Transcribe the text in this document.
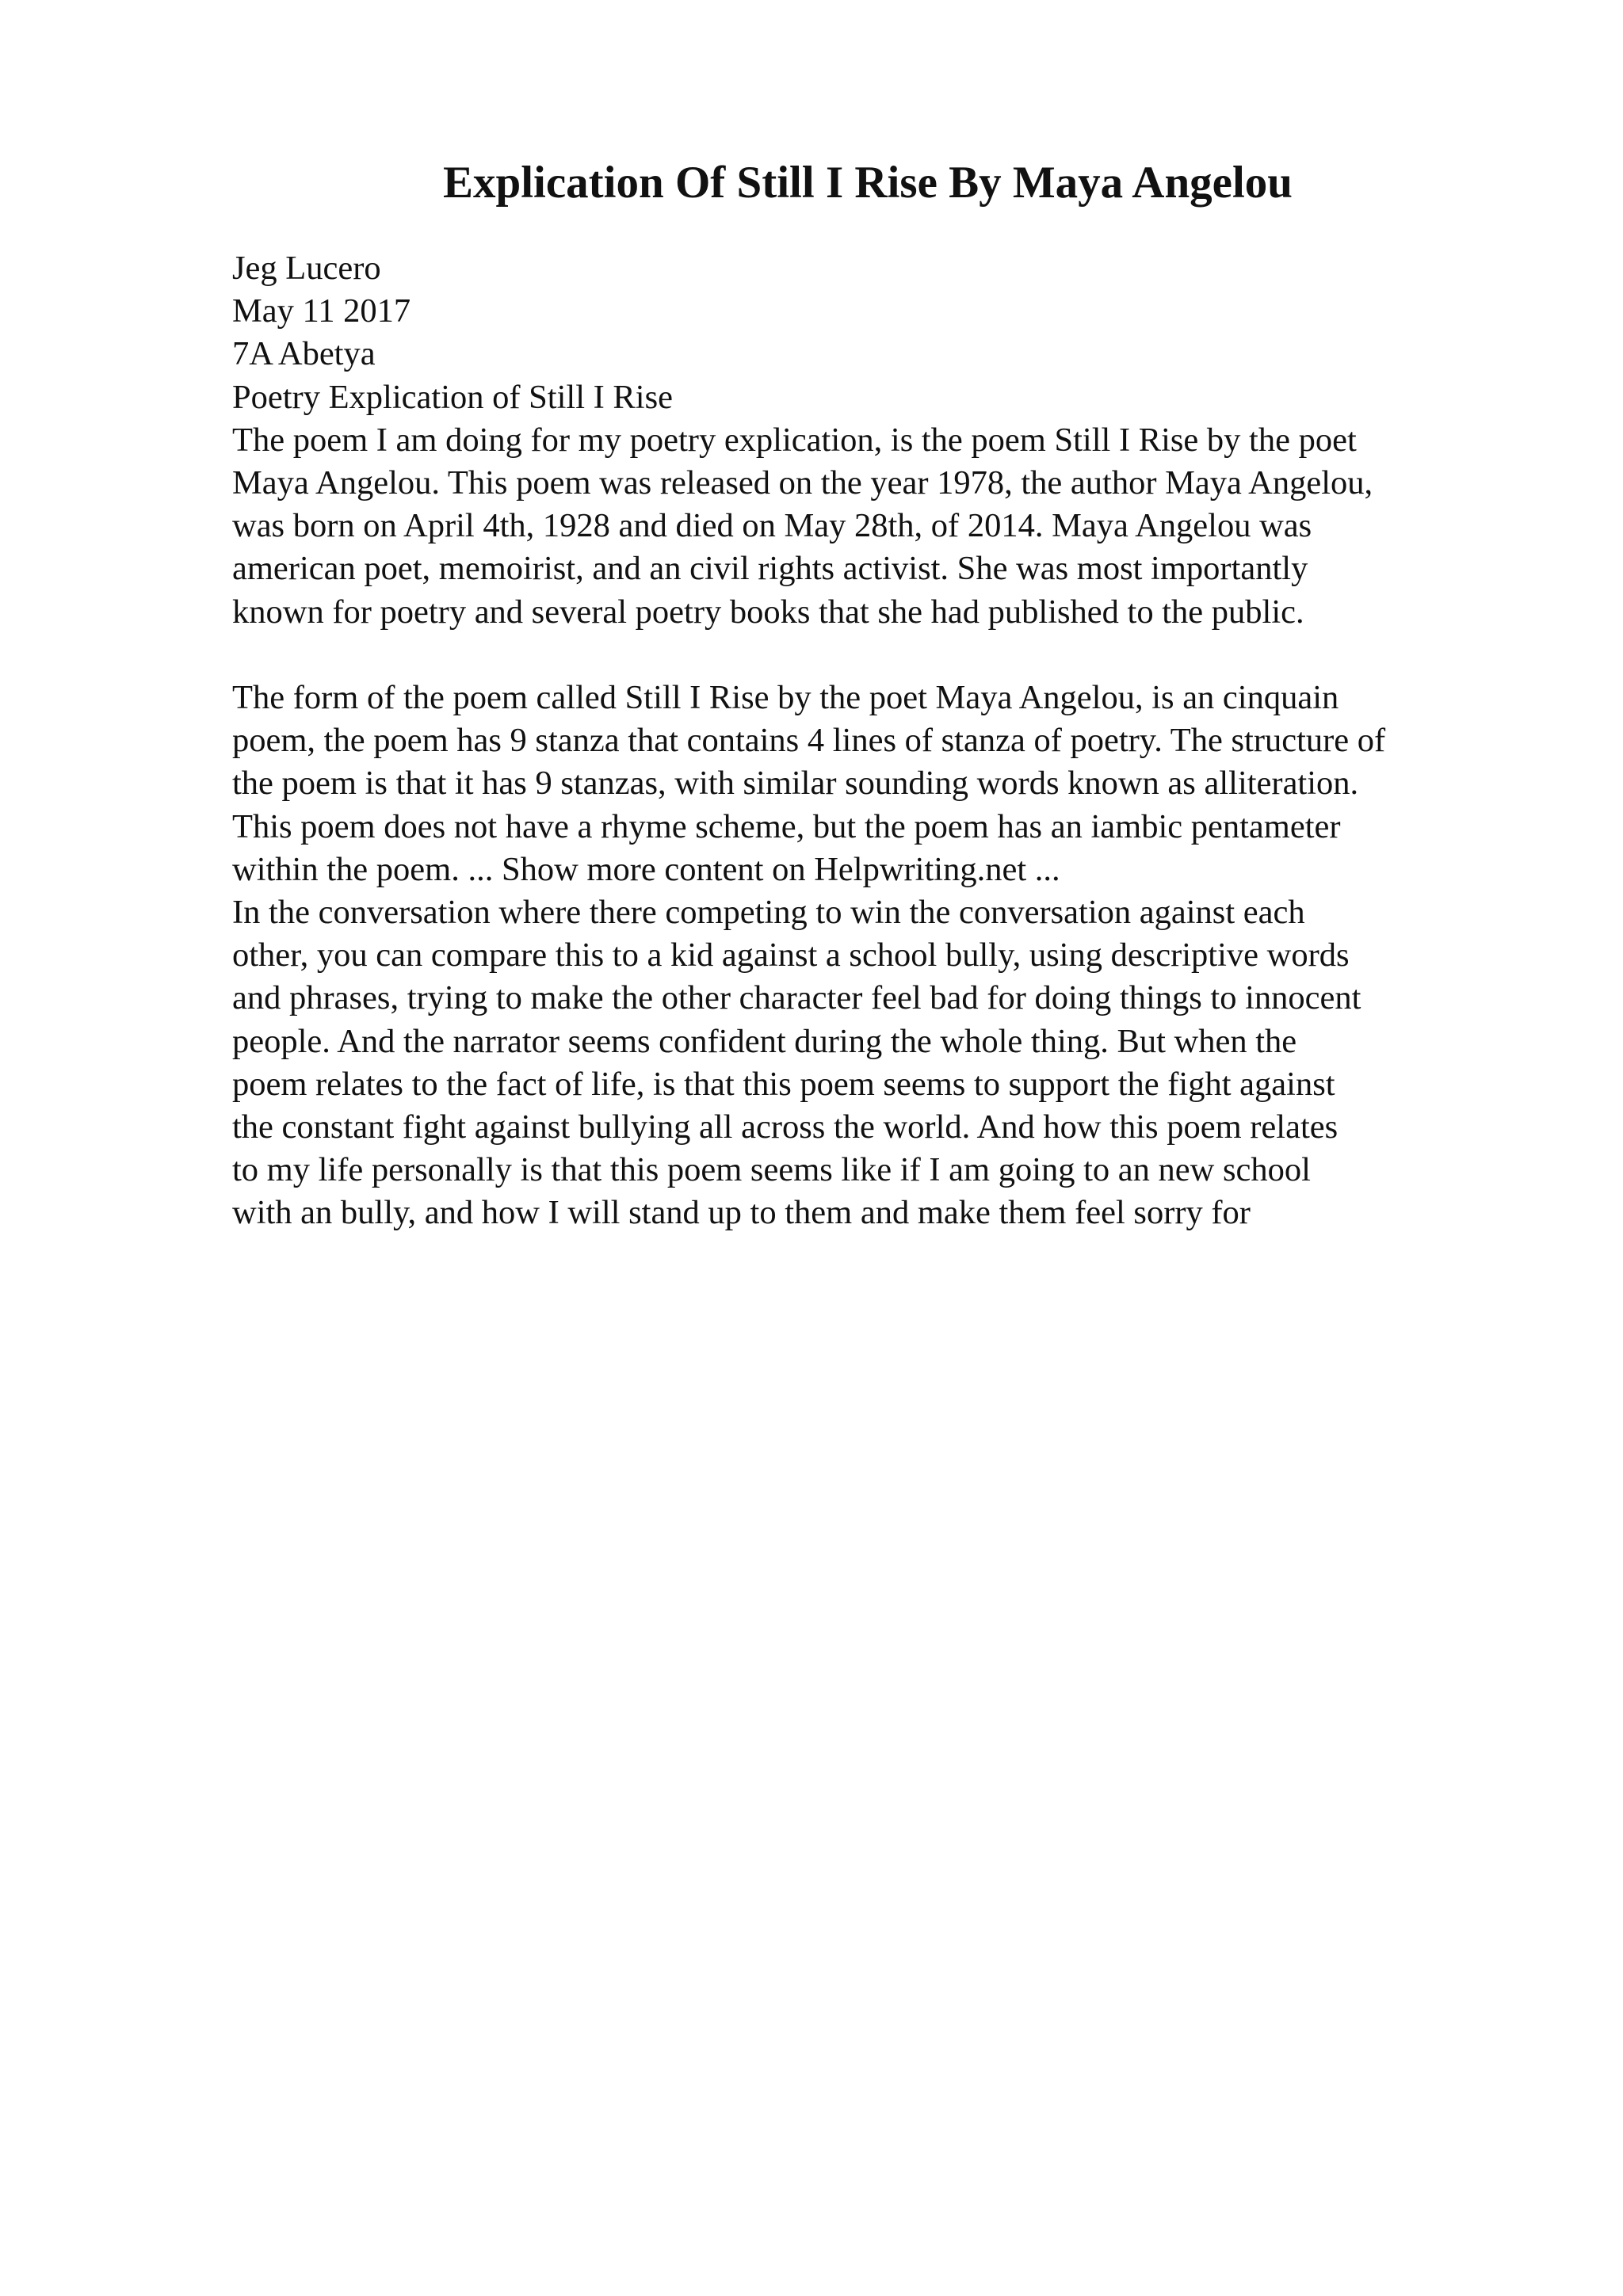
Explication Of Still I Rise By Maya Angelou
Jeg Lucero
May 11 2017
7A Abetya
Poetry Explication of Still I Rise
The poem I am doing for my poetry explication, is the poem Still I Rise by the poet
Maya Angelou. This poem was released on the year 1978, the author Maya Angelou,
was born on April 4th, 1928 and died on May 28th, of 2014. Maya Angelou was
american poet, memoirist, and an civil rights activist. She was most importantly
known for poetry and several poetry books that she had published to the public.
The form of the poem called Still I Rise by the poet Maya Angelou, is an cinquain
poem, the poem has 9 stanza that contains 4 lines of stanza of poetry. The structure of
the poem is that it has 9 stanzas, with similar sounding words known as alliteration.
This poem does not have a rhyme scheme, but the poem has an iambic pentameter
within the poem. ... Show more content on Helpwriting.net ...
In the conversation where there competing to win the conversation against each
other, you can compare this to a kid against a school bully, using descriptive words
and phrases, trying to make the other character feel bad for doing things to innocent
people. And the narrator seems confident during the whole thing. But when the
poem relates to the fact of life, is that this poem seems to support the fight against
the constant fight against bullying all across the world. And how this poem relates
to my life personally is that this poem seems like if I am going to an new school
with an bully, and how I will stand up to them and make them feel sorry for
